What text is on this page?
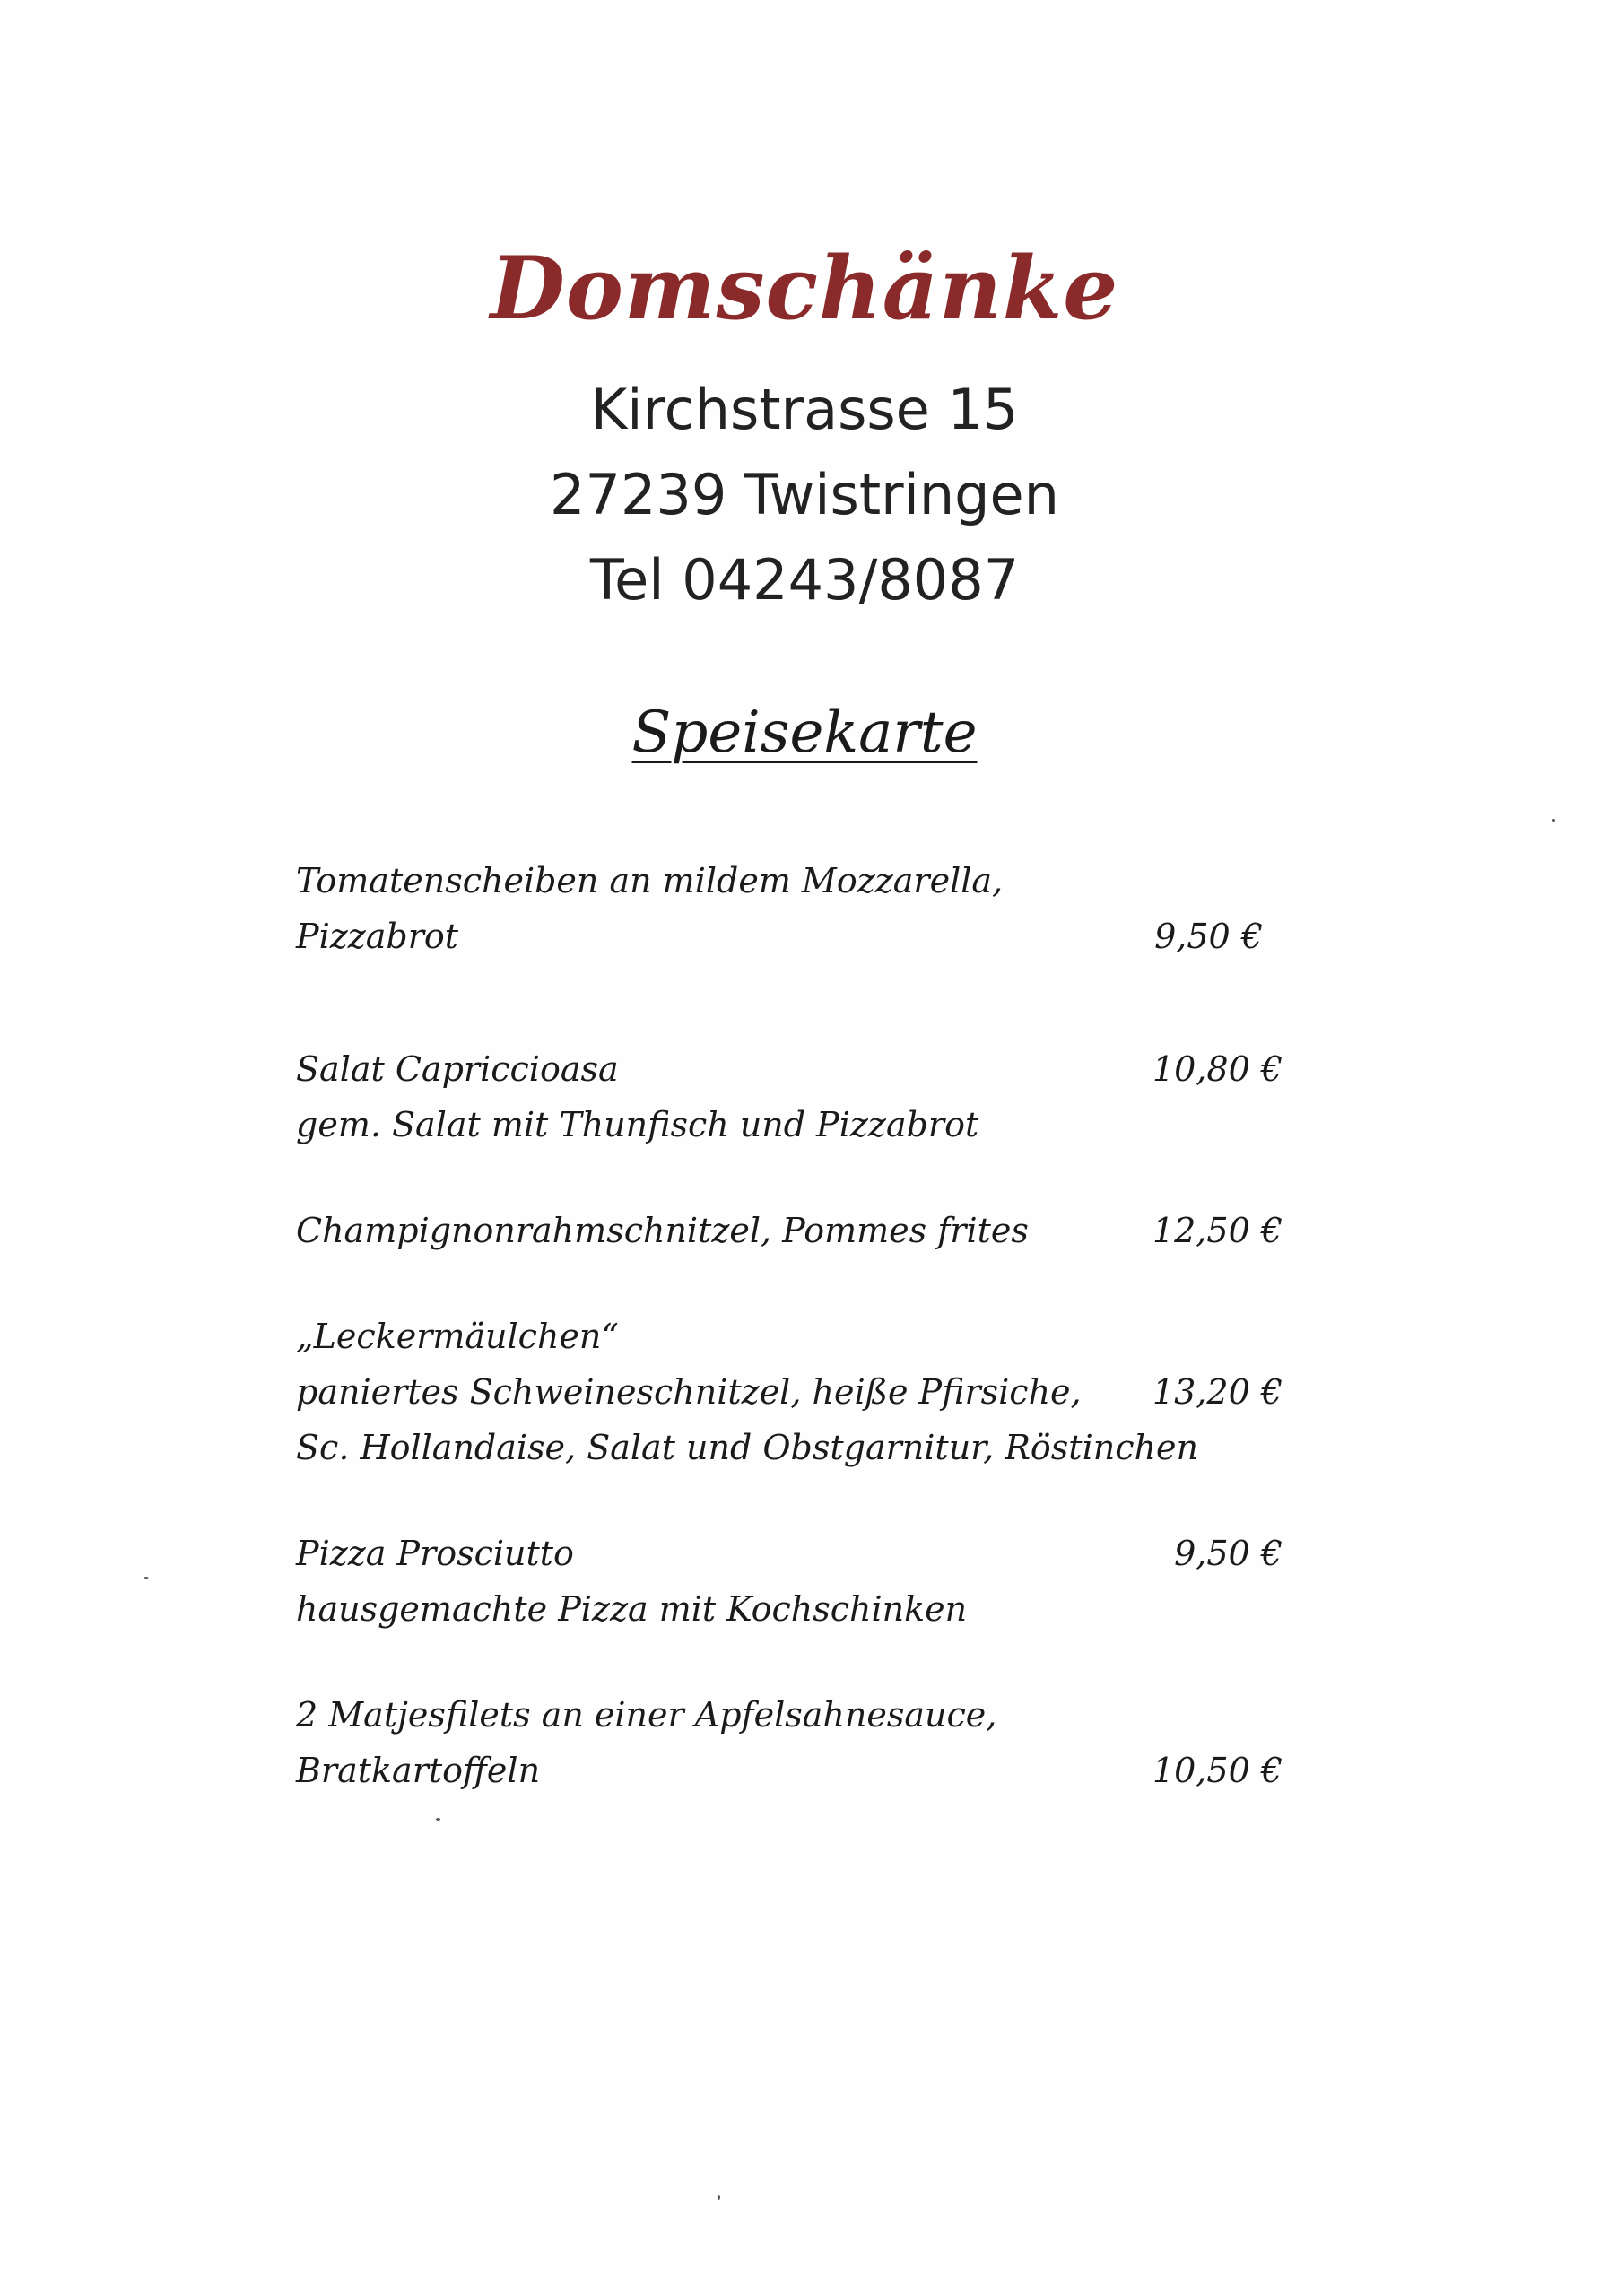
Domschänke
Kirchstrasse 15
27239 Twistringen
Tel 04243/8087
Speisekarte
Tomatenscheiben an mildem Mozzarella,
Pizzabrot	9,50 €
Salat Capriccioasa	10,80 €
gem. Salat mit Thunfisch und Pizzabrot
Champignonrahmschnitzel, Pommes frites	12,50 €
„Leckermäulchen“
paniertes Schweineschnitzel, heiße Pfirsiche, 13,20 €
Sc. Hollandaise, Salat und Obstgarnitur, Röstinchen
Pizza Prosciutto	9,50 €
hausgemachte Pizza mit Kochschinken
2 Matjesfilets an einer Apfelsahnesauce,
Bratkartoffeln	10,50 €
